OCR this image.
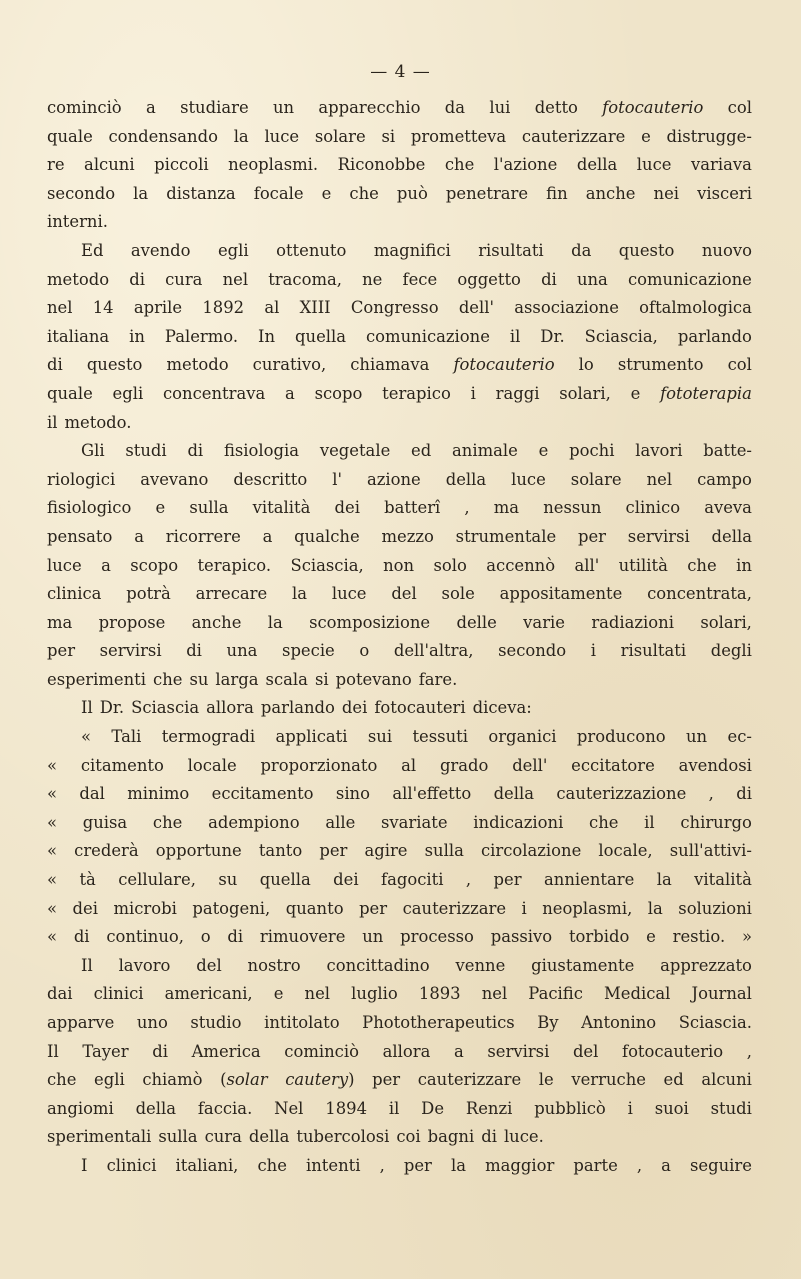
— 4 —
cominciò a studiare un apparecchio da lui detto fotocauterio col
quale condensando la luce solare si prometteva cauterizzare e distrugge-
re alcuni piccoli neoplasmi. Riconobbe che l'azione della luce variava
secondo la distanza focale e che può penetrare fin anche nei visceri
interni.
Ed avendo egli ottenuto magnifici risultati da questo nuovo
metodo di cura nel tracoma, ne fece oggetto di una comunicazione
nel 14 aprile 1892 al XIII Congresso dell' associazione oftalmologica
italiana in Palermo. In quella comunicazione il Dr. Sciascia, parlando
di questo metodo curativo, chiamava fotocauterio lo strumento col
quale egli concentrava a scopo terapico i raggi solari, e fototerapia
il metodo.
Gli studi di fisiologia vegetale ed animale e pochi lavori batte-
riologici avevano descritto l' azione della luce solare nel campo
fisiologico e sulla vitalità dei batterî , ma nessun clinico aveva
pensato a ricorrere a qualche mezzo strumentale per servirsi della
luce a scopo terapico. Sciascia, non solo accennò all' utilità che in
clinica potrà arrecare la luce del sole appositamente concentrata,
ma propose anche la scomposizione delle varie radiazioni solari,
per servirsi di una specie o dell'altra, secondo i risultati degli
esperimenti che su larga scala si potevano fare.
Il Dr. Sciascia allora parlando dei fotocauteri diceva:
« Tali termogradi applicati sui tessuti organici producono un ec-
« citamento locale proporzionato al grado dell' eccitatore avendosi
« dal minimo eccitamento sino all'effetto della cauterizzazione , di
« guisa che adempiono alle svariate indicazioni che il chirurgo
« crederà opportune tanto per agire sulla circolazione locale, sull'attivi-
« tà cellulare, su quella dei fagociti , per annientare la vitalità
« dei microbi patogeni, quanto per cauterizzare i neoplasmi, la soluzioni
« di continuo, o di rimuovere un processo passivo torbido e restio. »
Il lavoro del nostro concittadino venne giustamente apprezzato
dai clinici americani, e nel luglio 1893 nel Pacific Medical Journal
apparve uno studio intitolato Phototherapeutics By Antonino Sciascia.
Il Tayer di America cominciò allora a servirsi del fotocauterio ,
che egli chiamò (solar cautery) per cauterizzare le verruche ed alcuni
angiomi della faccia. Nel 1894 il De Renzi pubblicò i suoi studi
sperimentali sulla cura della tubercolosi coi bagni di luce.
I clinici italiani, che intenti , per la maggior parte , a seguire
